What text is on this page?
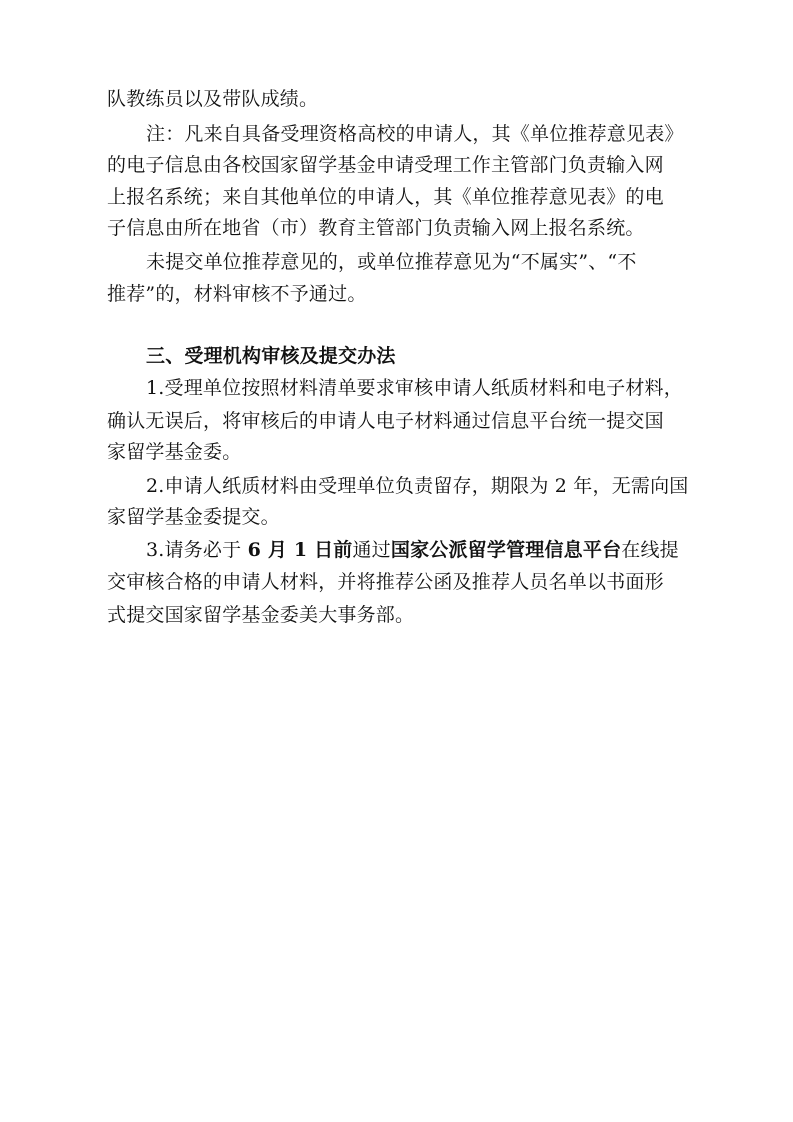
队教练员以及带队成绩。
注：凡来自具备受理资格高校的申请人，其《单位推荐意见表》
的电子信息由各校国家留学基金申请受理工作主管部门负责输入网
上报名系统；来自其他单位的申请人，其《单位推荐意见表》的电
子信息由所在地省（市）教育主管部门负责输入网上报名系统。
未提交单位推荐意见的，或单位推荐意见为“不属实”、“不
推荐”的，材料审核不予通过。
三、受理机构审核及提交办法
1.受理单位按照材料清单要求审核申请人纸质材料和电子材料，
确认无误后，将审核后的申请人电子材料通过信息平台统一提交国
家留学基金委。
2.申请人纸质材料由受理单位负责留存，期限为 2 年，无需向国
家留学基金委提交。
3.请务必于 6 月 1 日前通过国家公派留学管理信息平台在线提
交审核合格的申请人材料，并将推荐公函及推荐人员名单以书面形
式提交国家留学基金委美大事务部。
